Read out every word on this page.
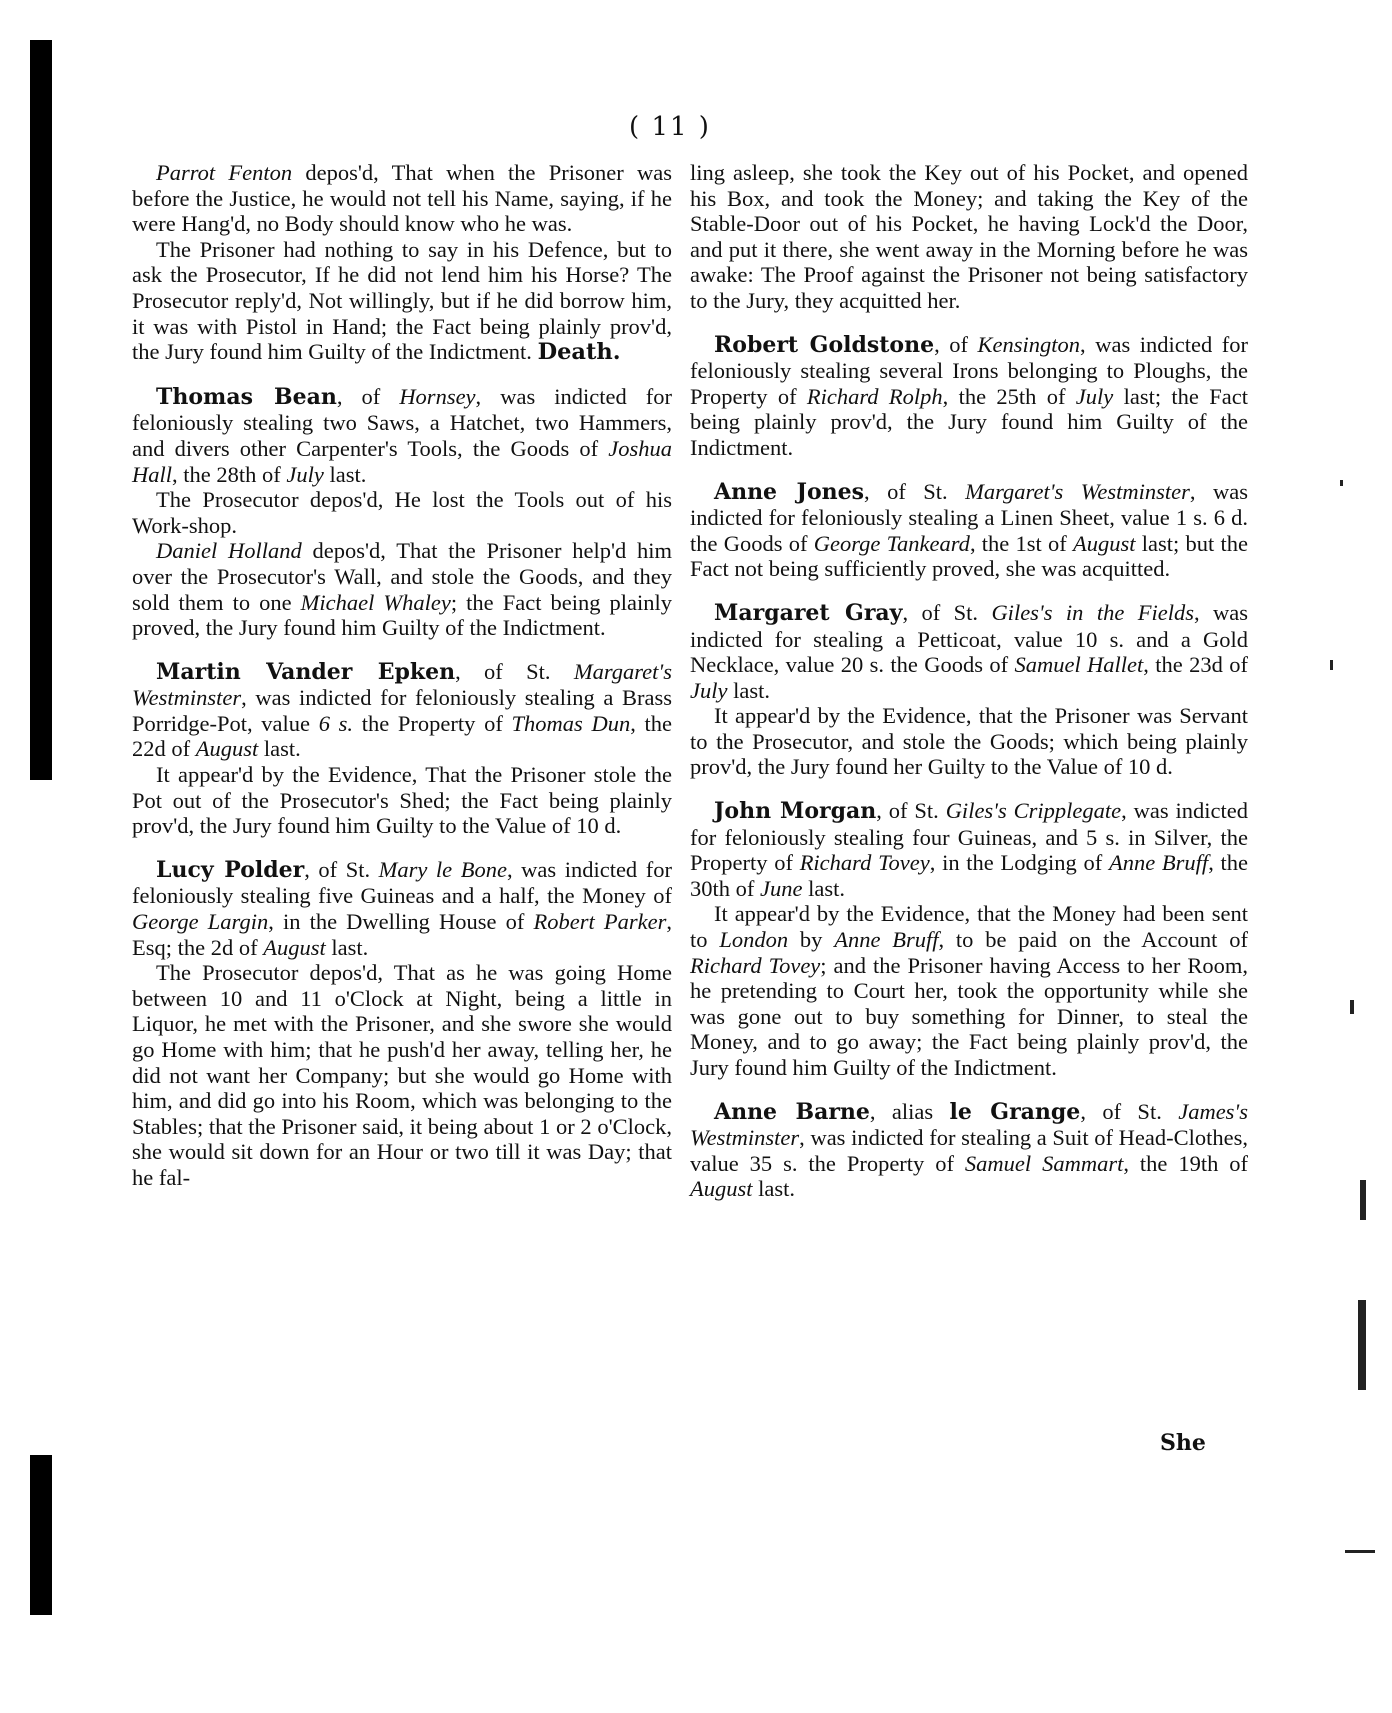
( 11 )

Parrot Fenton depos'd, That when the Prisoner was before the Justice, he would not tell his Name, saying, if he were Hang'd, no Body should know who he was.

The Prisoner had nothing to say in his Defence, but to ask the Prosecutor, If he did not lend him his Horse? The Prosecutor reply'd, Not willingly, but if he did borrow him, it was with Pistol in Hand; the Fact being plainly prov'd, the Jury found him Guilty of the Indictment. Death.

Thomas Bean, of Hornsey, was indicted for feloniously stealing two Saws, a Hatchet, two Hammers, and divers other Carpenter's Tools, the Goods of Joshua Hall, the 28th of July last.

The Prosecutor depos'd, He lost the Tools out of his Work-shop.

Daniel Holland depos'd, That the Prisoner help'd him over the Prosecutor's Wall, and stole the Goods, and they sold them to one Michael Whaley; the Fact being plainly proved, the Jury found him Guilty of the Indictment.

Martin Vander Epken, of St. Margaret's Westminster, was indicted for feloniously stealing a Brass Porridge-Pot, value 6 s. the Property of Thomas Dun, the 22d of August last.

It appear'd by the Evidence, That the Prisoner stole the Pot out of the Prosecutor's Shed; the Fact being plainly prov'd, the Jury found him Guilty to the Value of 10 d.

Lucy Polder, of St. Mary le Bone, was indicted for feloniously stealing five Guineas and a half, the Money of George Largin, in the Dwelling House of Robert Parker, Esq; the 2d of August last.

The Prosecutor depos'd, That as he was going Home between 10 and 11 o'Clock at Night, being a little in Liquor, he met with the Prisoner, and she swore she would go Home with him; that he push'd her away, telling her, he did not want her Company; but she would go Home with him, and did go into his Room, which was belonging to the Stables; that the Prisoner said, it being about 1 or 2 o'Clock, she would sit down for an Hour or two till it was Day; that he fal-

ling asleep, she took the Key out of his Pocket, and opened his Box, and took the Money; and taking the Key of the Stable-Door out of his Pocket, he having Lock'd the Door, and put it there, she went away in the Morning before he was awake: The Proof against the Prisoner not being satisfactory to the Jury, they acquitted her.

Robert Goldstone, of Kensington, was indicted for feloniously stealing several Irons belonging to Ploughs, the Property of Richard Rolph, the 25th of July last; the Fact being plainly prov'd, the Jury found him Guilty of the Indictment.

Anne Jones, of St. Margaret's Westminster, was indicted for feloniously stealing a Linen Sheet, value 1 s. 6 d. the Goods of George Tankeard, the 1st of August last; but the Fact not being sufficiently proved, she was acquitted.

Margaret Gray, of St. Giles's in the Fields, was indicted for stealing a Petticoat, value 10 s. and a Gold Necklace, value 20 s. the Goods of Samuel Hallet, the 23d of July last.

It appear'd by the Evidence, that the Prisoner was Servant to the Prosecutor, and stole the Goods; which being plainly prov'd, the Jury found her Guilty to the Value of 10 d.

John Morgan, of St. Giles's Cripplegate, was indicted for feloniously stealing four Guineas, and 5 s. in Silver, the Property of Richard Tovey, in the Lodging of Anne Bruff, the 30th of June last.

It appear'd by the Evidence, that the Money had been sent to London by Anne Bruff, to be paid on the Account of Richard Tovey; and the Prisoner having Access to her Room, he pretending to Court her, took the opportunity while she was gone out to buy something for Dinner, to steal the Money, and to go away; the Fact being plainly prov'd, the Jury found him Guilty of the Indictment.

Anne Barne, alias le Grange, of St. James's Westminster, was indicted for stealing a Suit of Head-Clothes, value 35 s. the Property of Samuel Sammart, the 19th of August last.

She
